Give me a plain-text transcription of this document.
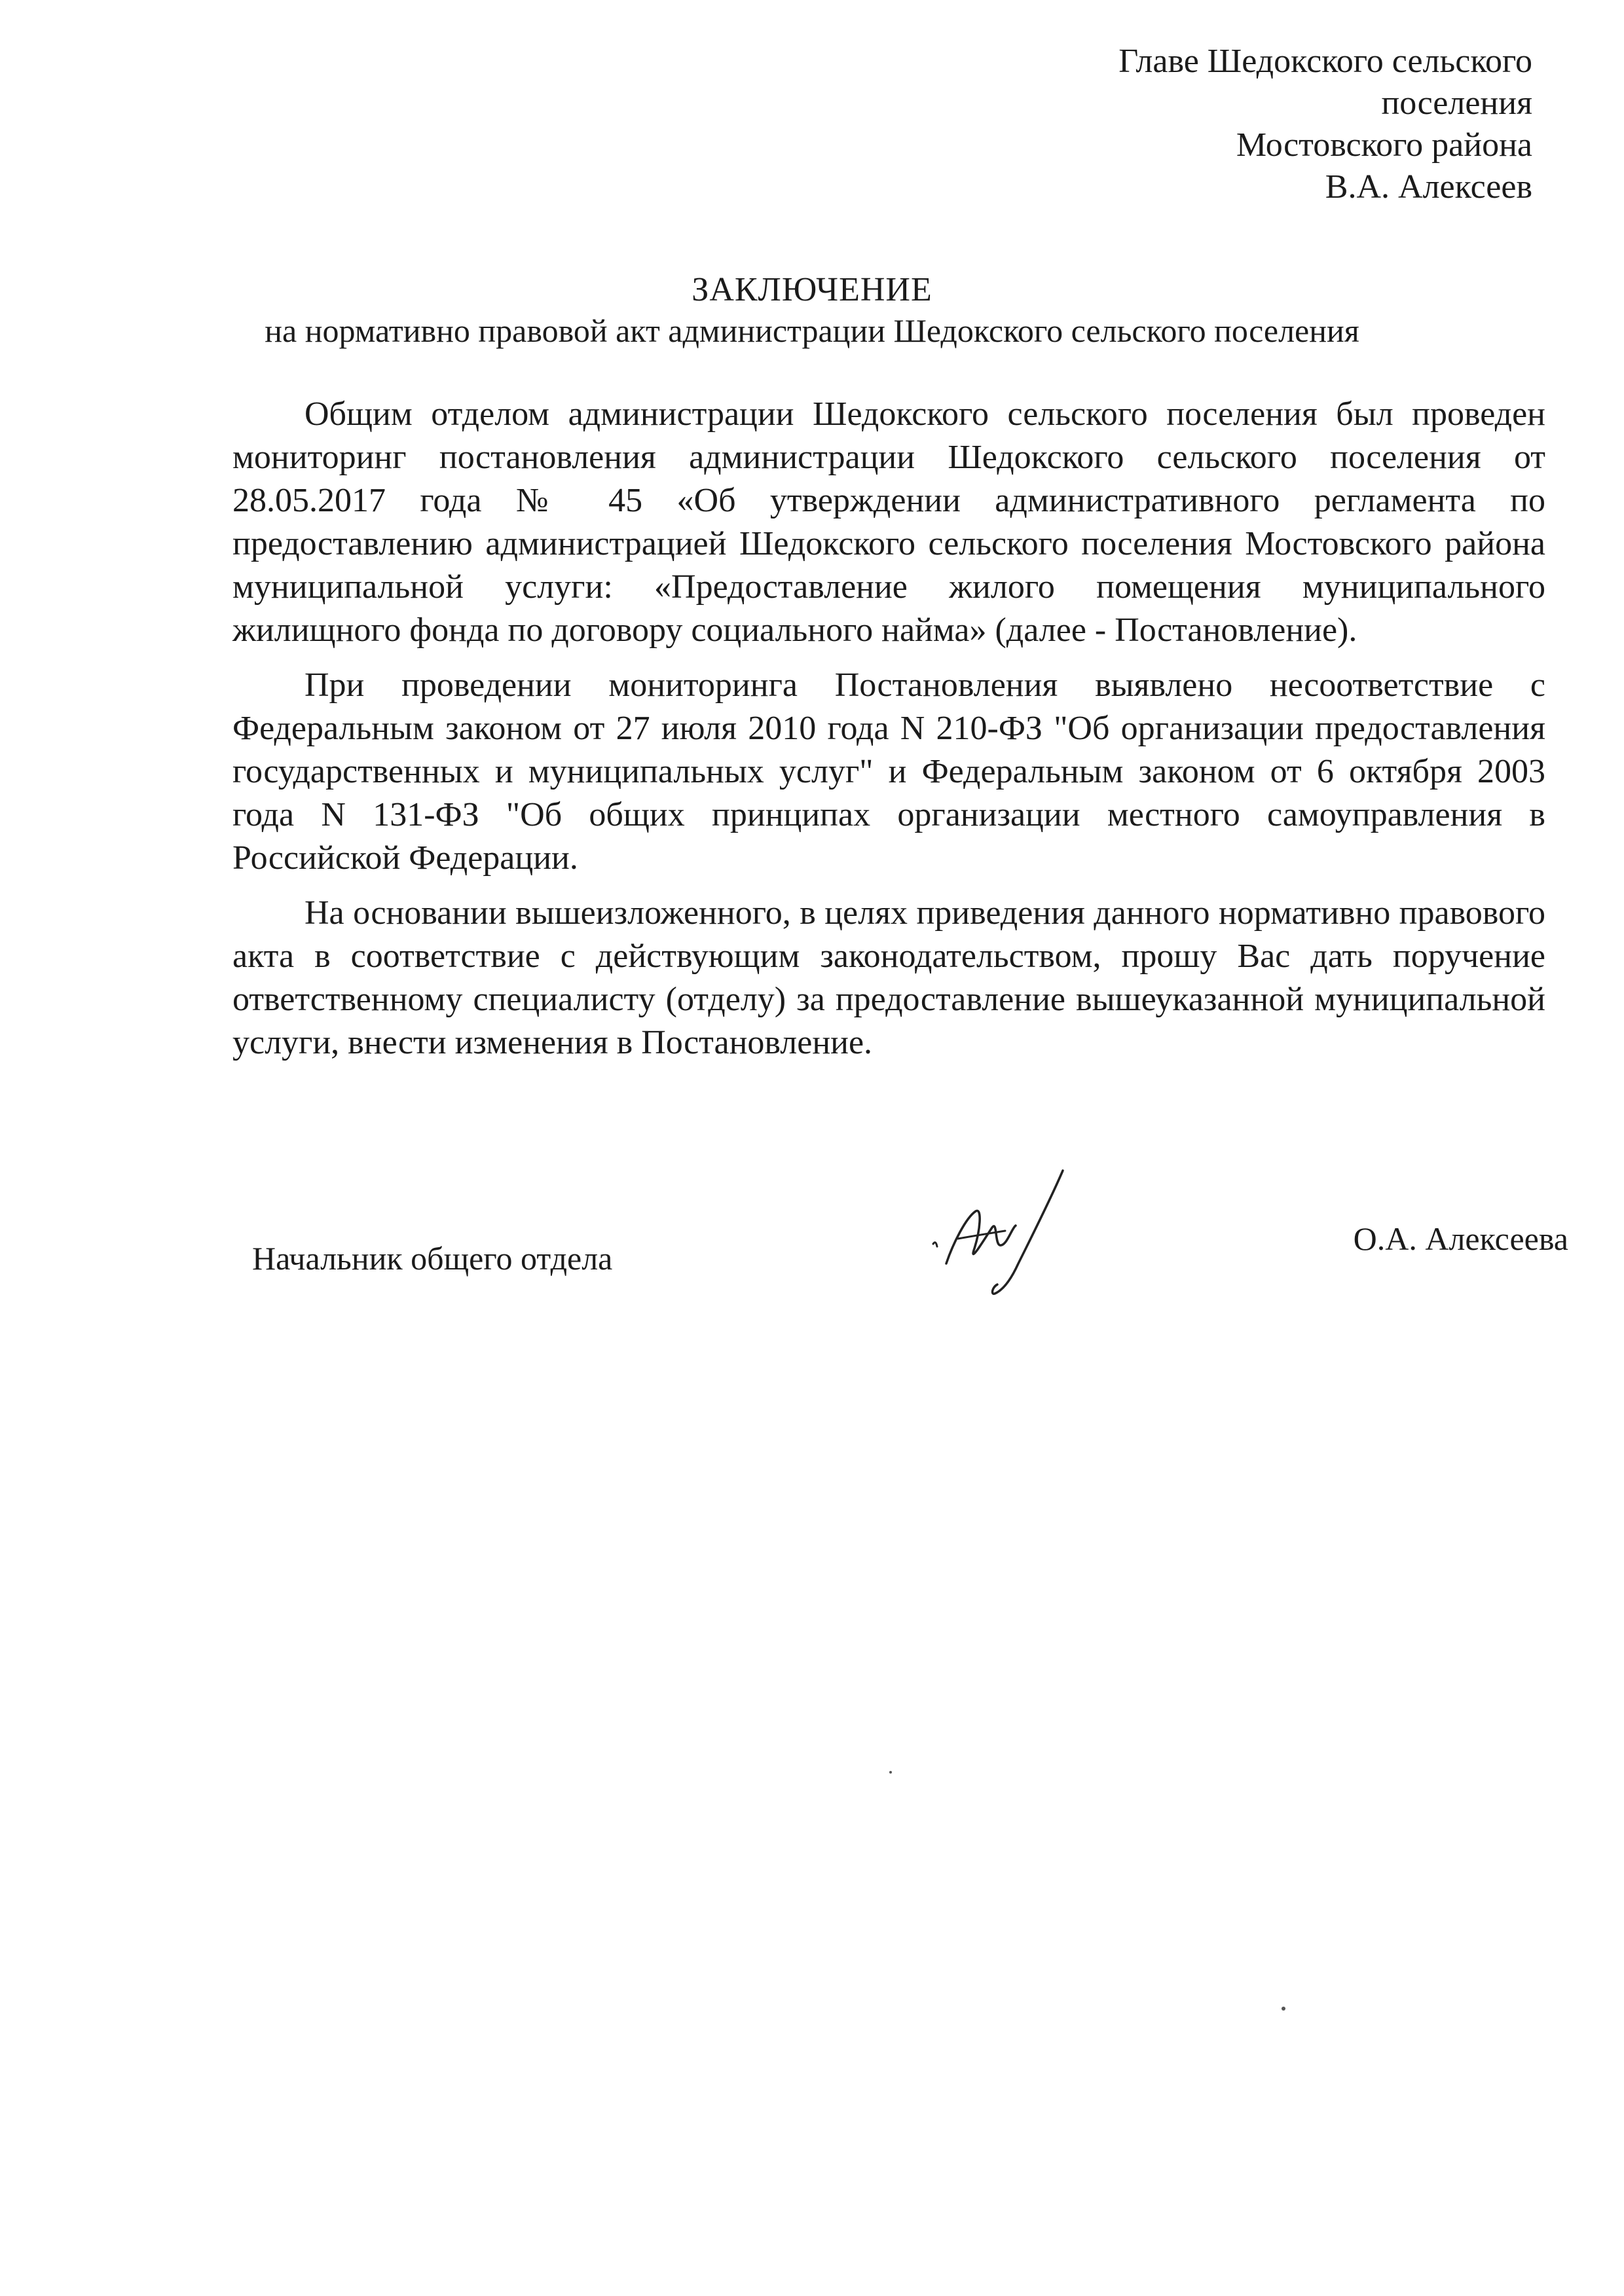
Главе Шедокского сельского
поселения
Мостовского района
В.А. Алексеев
ЗАКЛЮЧЕНИЕ
на нормативно правовой акт администрации Шедокского сельского поселения

Общим отделом администрации Шедокского сельского поселения был проведен мониторинг постановления администрации Шедокского сельского поселения от 28.05.2017 года № 45 «Об утверждении административного регламента по предоставлению администрацией Шедокского сельского поселения Мостовского района муниципальной услуги: «Предоставление жилого помещения муниципального жилищного фонда по договору социального найма» (далее - Постановление).

При проведении мониторинга Постановления выявлено несоответствие с Федеральным законом от 27 июля 2010 года N 210-ФЗ "Об организации предоставления государственных и муниципальных услуг" и Федеральным законом от 6 октября 2003 года N 131-ФЗ "Об общих принципах организации местного самоуправления в Российской Федерации.

На основании вышеизложенного, в целях приведения данного нормативно правового акта в соответствие с действующим законодательством, прошу Вас дать поручение ответственному специалисту (отделу) за предоставление вышеуказанной муниципальной услуги, внести изменения в Постановление.

Начальник общего отдела
О.А. Алексеева
